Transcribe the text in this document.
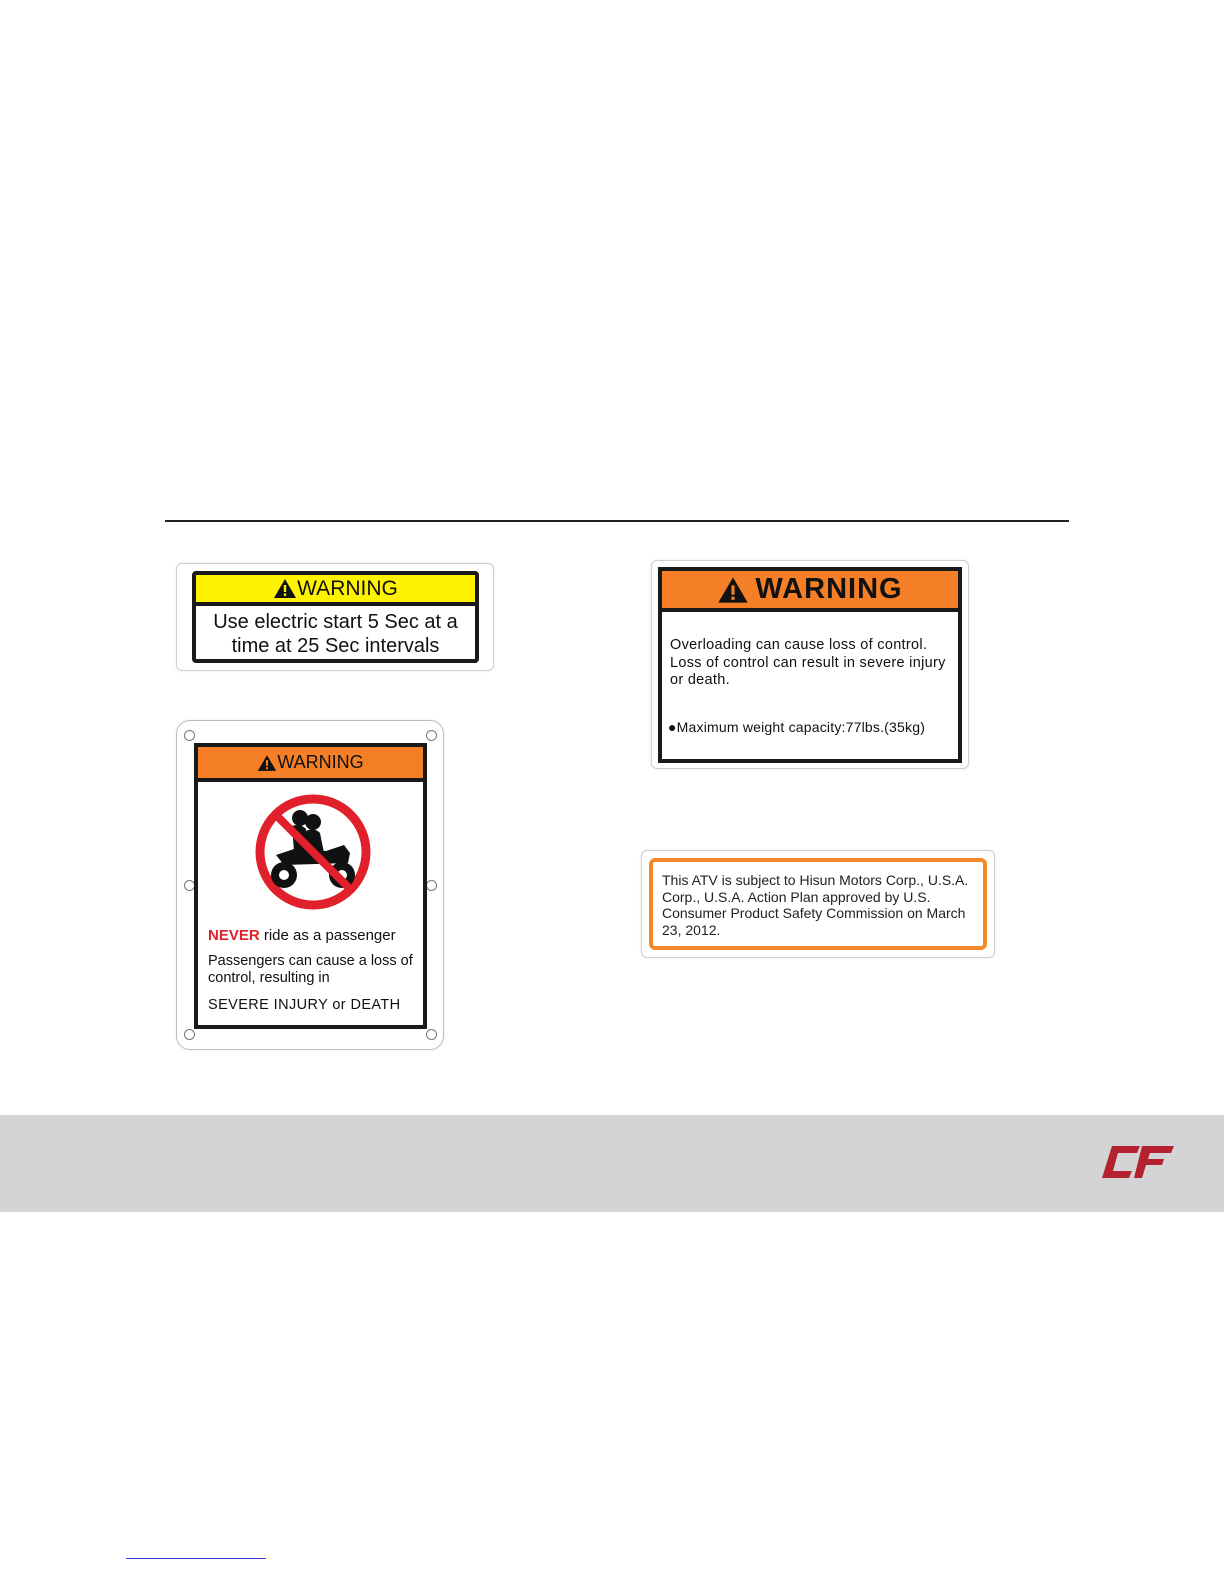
WARNING
Use electric start 5 Sec at a
time at 25 Sec intervals
WARNING
NEVER ride as a passenger
Passengers can cause a loss of control, resulting in
SEVERE INJURY or DEATH
WARNING
Overloading can cause loss of control. Loss of control can result in severe injury or death.
●Maximum weight capacity:77lbs.(35kg)
This ATV is subject to Hisun Motors Corp., U.S.A. Corp., U.S.A. Action Plan approved by U.S. Consumer Product Safety Commission on March 23, 2012.
